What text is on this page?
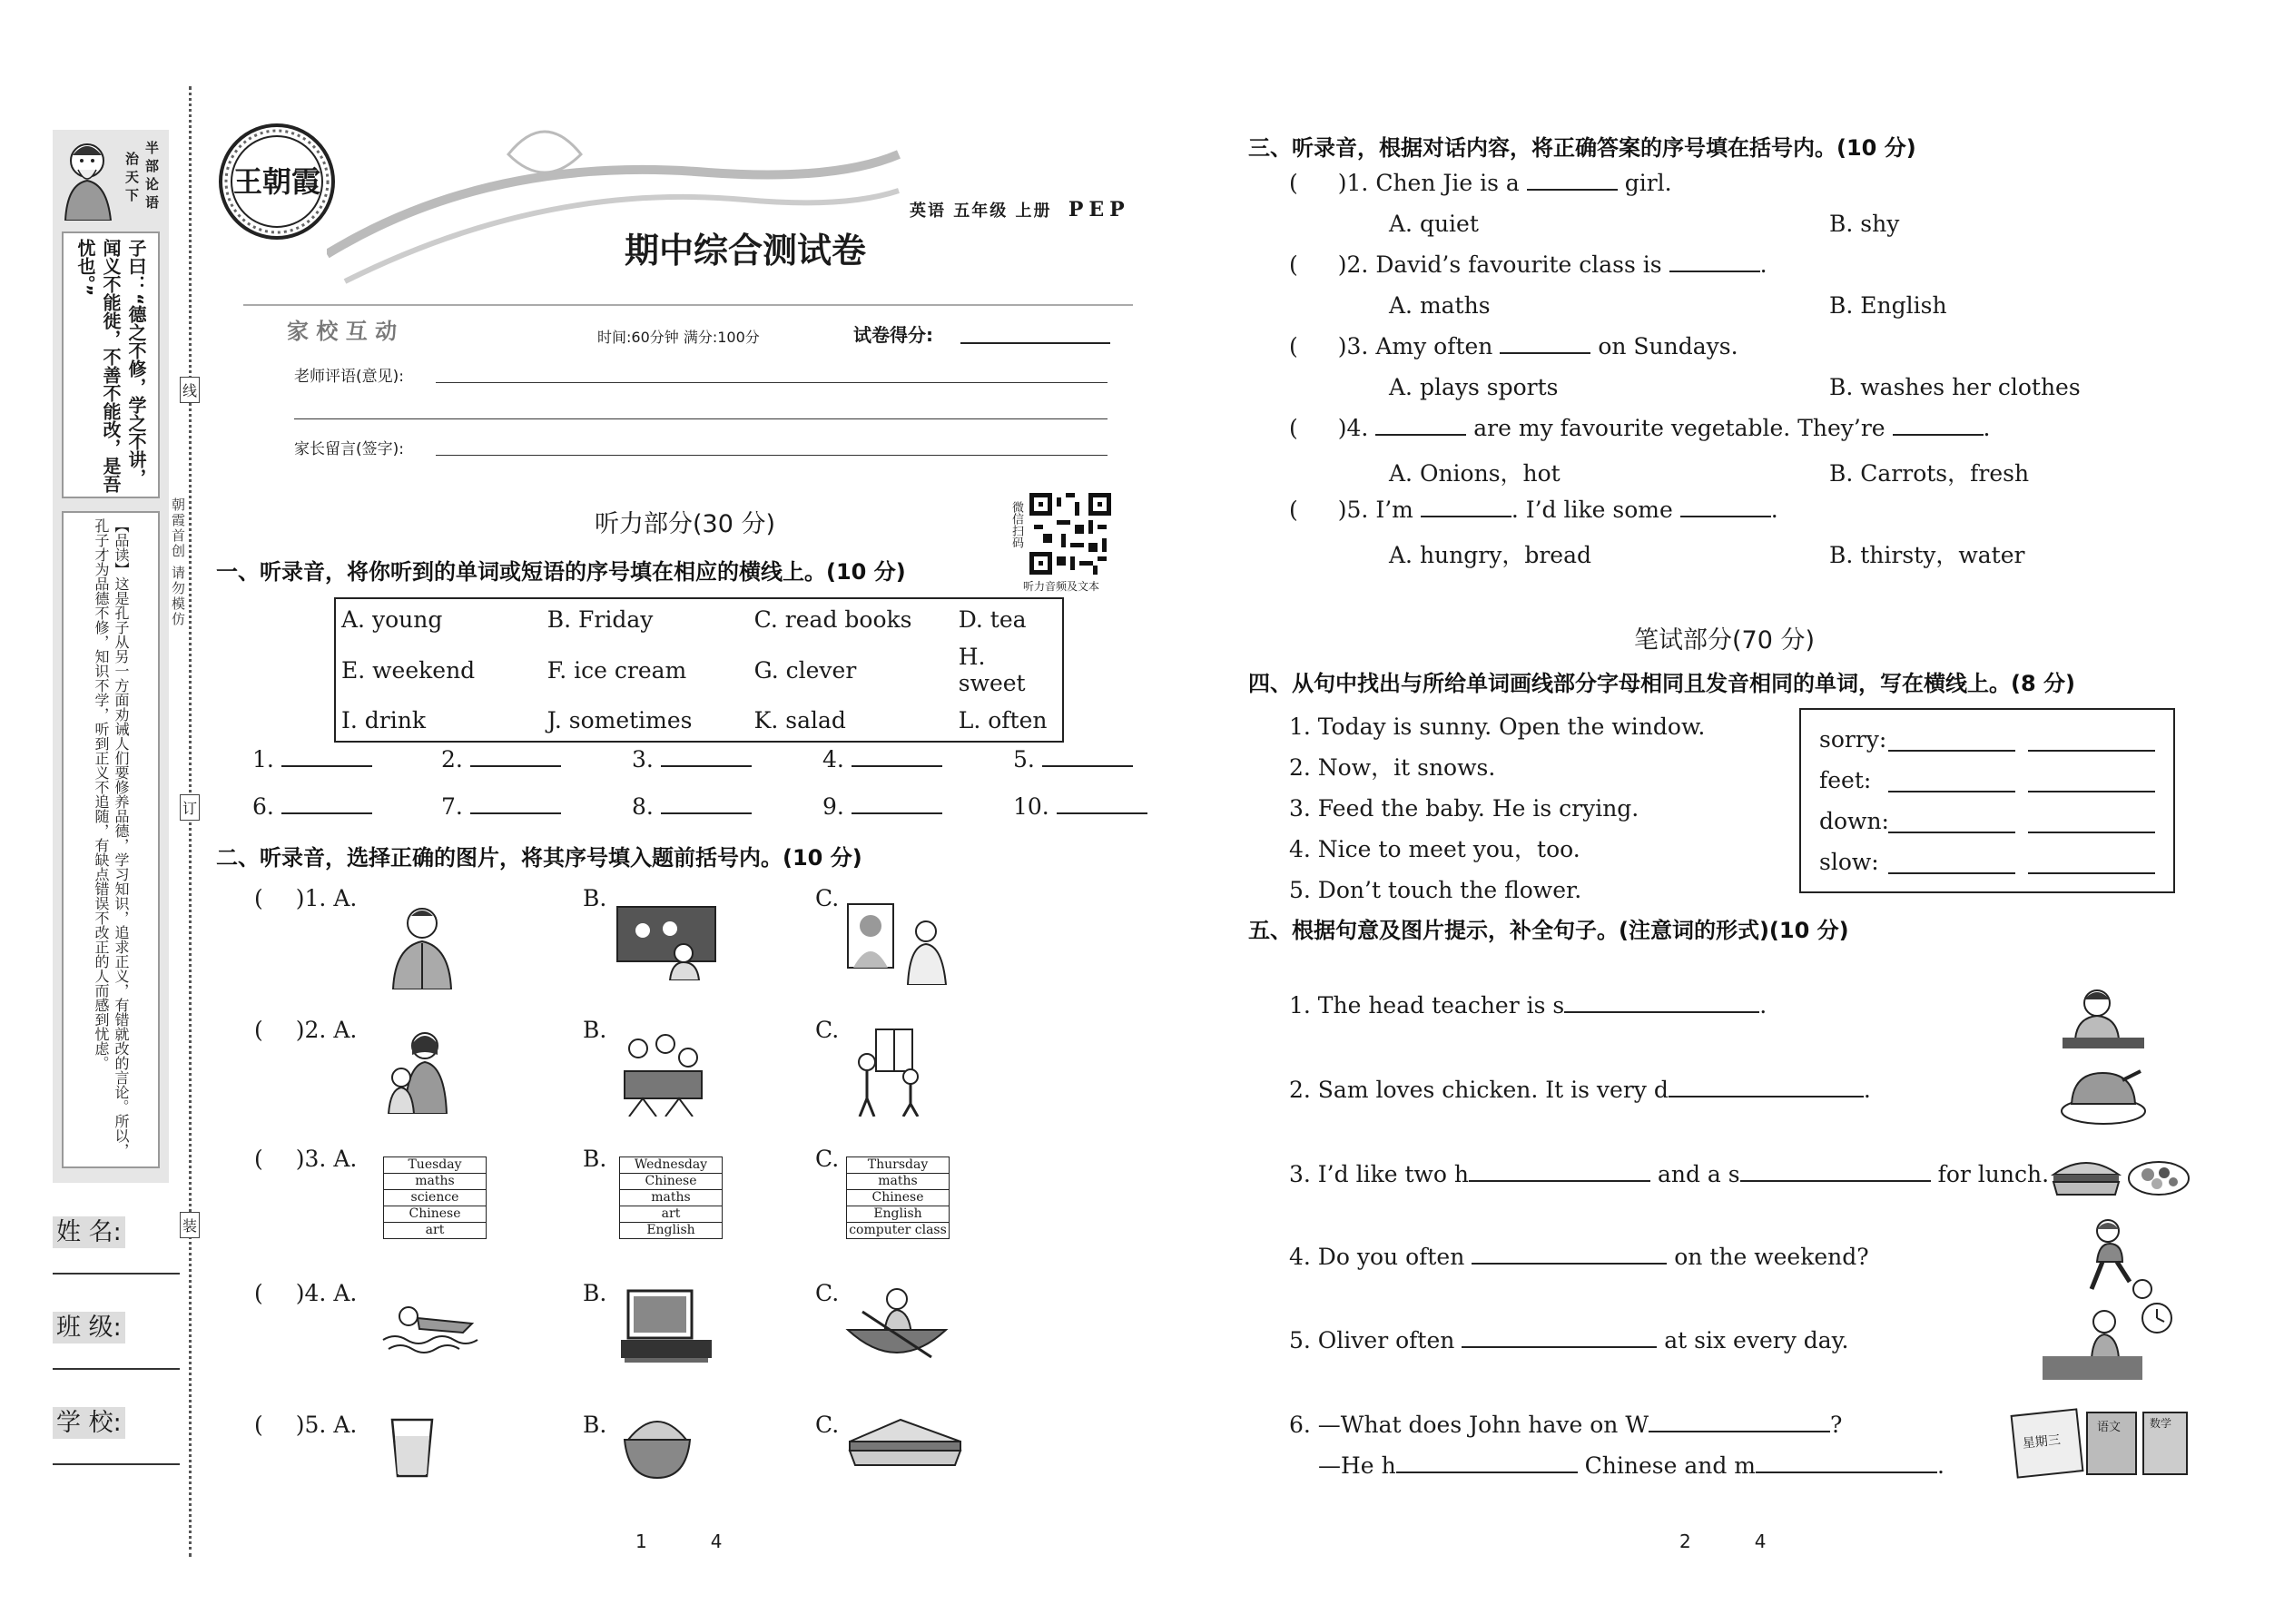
半
部
论
语
治
天
下
子曰：“德之不修，学之不讲，闻义不能徙，不善不能改，是吾忧也。”
【品读】这是孔子从另一方面劝诫人们要修养品德，学习知识，追求正义，有错就改的言论。所以，孔子才为品德不修，知识不学，听到正义不追随，有缺点错误不改正的人而感到忧虑。
姓 名:
班 级:
学 校:
线
订
装
朝霞首创 请勿模仿
王朝霞
英语 五年级 上册 PEP
期中综合测试卷
家 校 互 动	时间:60分钟 满分:100分	试卷得分:
老师评语(意见):
家长留言(签字):
微信扫码
听力音频及文本
听力部分(30 分)
一、听录音，将你听到的单词或短语的序号填在相应的横线上。(10 分)
A. young	B. Friday	C. read books	D. tea
E. weekend	F. ice cream	G. clever	H. sweet
I. drink	J. sometimes	K. salad	L. often
1.	2.	3.	4.	5.
6.	7.	8.	9.	10.
二、听录音，选择正确的图片，将其序号填入题前括号内。(10 分)
( )1. A.	B.	C.
( )2. A.	B.	C.
( )3. A.	B.	C.
Tuesday
maths
science
Chinese
art
Wednesday
Chinese
maths
art
English
Thursday
maths
Chinese
English
computer class
( )4. A.	B.	C.
( )5. A.	B.	C.
1	4
三、听录音，根据对话内容，将正确答案的序号填在括号内。(10 分)
( )1. Chen Jie is a	girl.
A. quiet	B. shy
( )2. David’s favourite class is	.
A. maths	B. English
( )3. Amy often	on Sundays.
A. plays sports	B. washes her clothes
( )4.	are my favourite vegetable. They’re	.
A. Onions，hot	B. Carrots，fresh
( )5. I’m	. I’d like some	.
A. hungry，bread	B. thirsty，water
笔试部分(70 分)
四、从句中找出与所给单词画线部分字母相同且发音相同的单词，写在横线上。(8 分)
1. Today is sunny. Open the window.
2. Now，it snows.
3. Feed the baby. He is crying.
4. Nice to meet you，too.
5. Don’t touch the flower.
sorry:
feet:
down:
slow:
五、根据句意及图片提示，补全句子。(注意词的形式)(10 分)
1. The head teacher is s	.
2. Sam loves chicken. It is very d	.
3. I’d like two h	and a s	for lunch.
4. Do you often	on the weekend?
5. Oliver often	at six every day.
6. —What does John have on W	?
—He h	Chinese and m	.
星期三
语文	数学
2	4
